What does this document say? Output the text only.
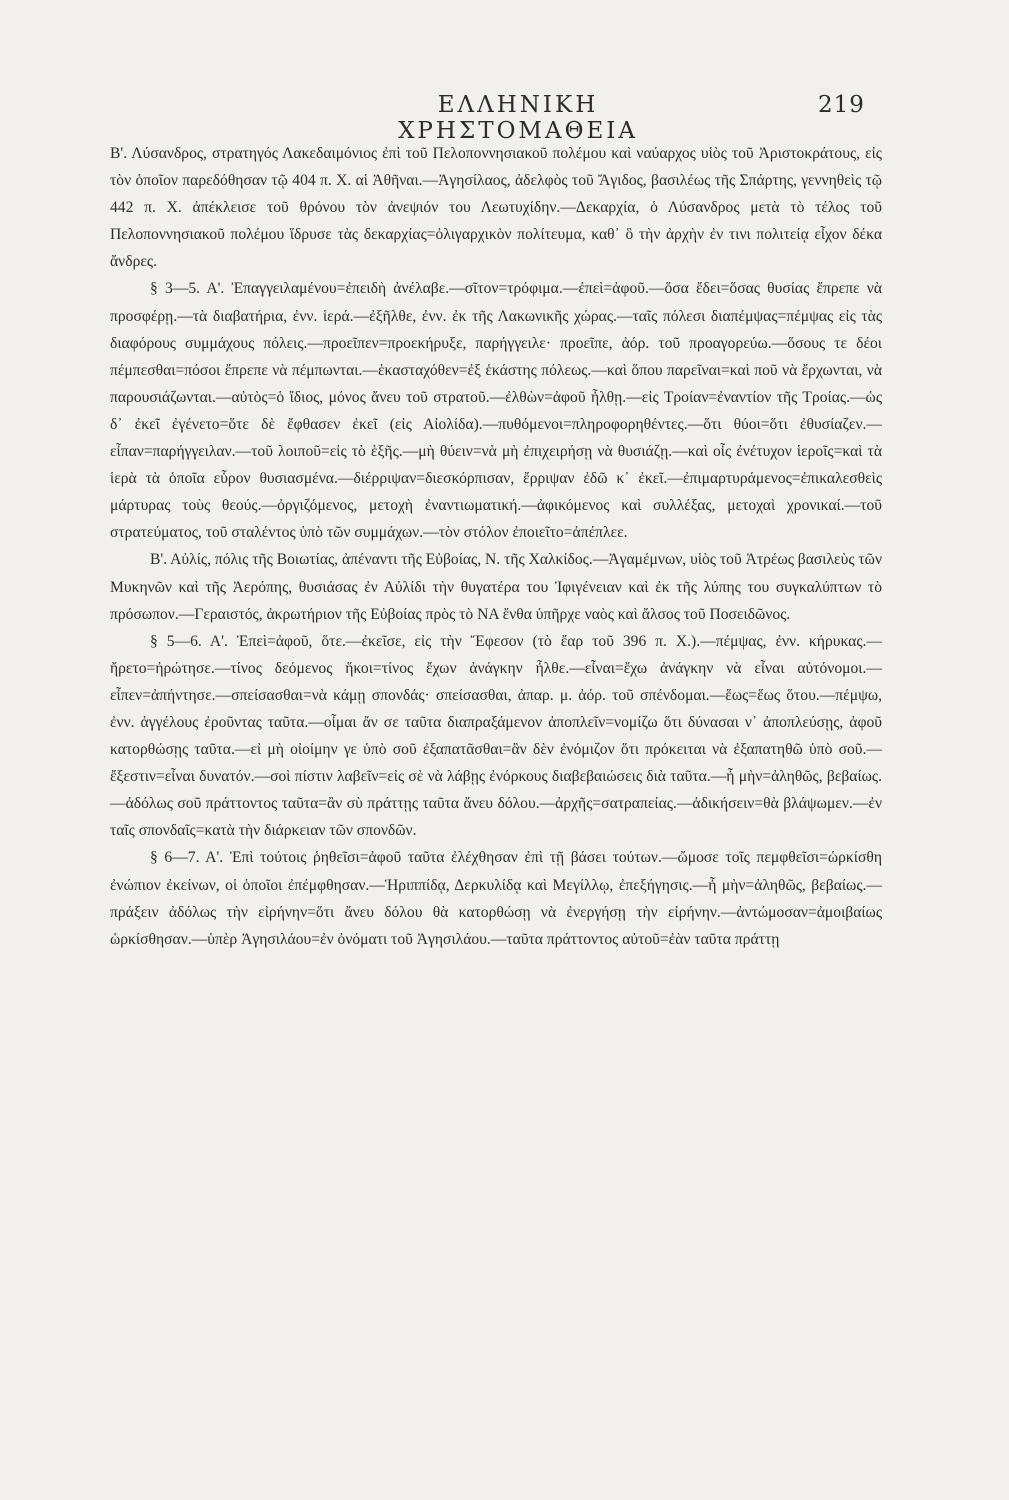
ΕΛΛΗΝΙΚΗ ΧΡΗΣΤΟΜΑΘΕΙΑ
219

Β'. Λύσανδρος, στρατηγός Λακεδαιμόνιος ἐπὶ τοῦ Πελοποννησιακοῦ πολέμου καὶ ναύαρχος υἱὸς τοῦ Ἀριστοκράτους, εἰς τὸν ὁποῖον παρεδόθησαν τῷ 404 π. Χ. αἱ Ἀθῆναι.—Ἀγησίλαος, ἀδελφὸς τοῦ Ἄγιδος, βασιλέως τῆς Σπάρτης, γεννηθεὶς τῷ 442 π. Χ. ἀπέκλεισε τοῦ θρόνου τὸν ἀνεψιόν του Λεωτυχίδην.—Δεκαρχία, ὁ Λύσανδρος μετὰ τὸ τέλος τοῦ Πελοποννησιακοῦ πολέμου ἵδρυσε τὰς δεκαρχίας=ὀλιγαρχικὸν πολίτευμα, καθ᾽ ὃ τὴν ἀρχὴν ἐν τινι πολιτείᾳ εἶχον δέκα ἄνδρες.

§ 3—5. Α'. Ἐπαγγειλαμένου=ἐπειδὴ ἀνέλαβε.—σῖτον=τρόφιμα.—ἐπεὶ=ἀφοῦ.—ὅσα ἔδει=ὅσας θυσίας ἔπρεπε νὰ προσφέρῃ.—τὰ διαβατήρια, ἐνν. ἱερά.—ἐξῆλθε, ἐνν. ἐκ τῆς Λακωνικῆς χώρας.—ταῖς πόλεσι διαπέμψας=πέμψας εἰς τὰς διαφόρους συμμάχους πόλεις.—προεῖπεν=προεκήρυξε, παρήγγειλε· προεῖπε, ἀόρ. τοῦ προαγορεύω.—ὅσους τε δέοι πέμπεσθαι=πόσοι ἔπρεπε νὰ πέμπωνται.—ἑκασταχόθεν=ἐξ ἑκάστης πόλεως.—καὶ ὅπου παρεῖναι=καὶ ποῦ νὰ ἔρχωνται, νὰ παρουσιάζωνται.—αὐτὸς=ὁ ἴδιος, μόνος ἄνευ τοῦ στρατοῦ.—ἐλθὼν=ἀφοῦ ἦλθῃ.—εἰς Τροίαν=ἐναντίον τῆς Τροίας.—ὡς δ᾽ ἐκεῖ ἐγένετο=ὅτε δὲ ἔφθασεν ἐκεῖ (εἰς Αἰολίδα).—πυθόμενοι=πληροφορηθέντες.—ὅτι θύοι=ὅτι ἐθυσίαζεν.—εἶπαν=παρήγγειλαν.—τοῦ λοιποῦ=εἰς τὸ ἑξῆς.—μὴ θύειν=νὰ μὴ ἐπιχειρήσῃ νὰ θυσιάζῃ.—καὶ οἷς ἐνέτυχον ἱεροῖς=καὶ τὰ ἱερὰ τὰ ὁποῖα εὗρον θυσιασμένα.—διέρριψαν=διεσκόρπισαν, ἔρριψαν ἐδῶ κ᾽ ἐκεῖ.—ἐπιμαρτυράμενος=ἐπικαλεσθεὶς μάρτυρας τοὺς θεούς.—ὀργιζόμενος, μετοχὴ ἐναντιωματική.—ἀφικόμενος καὶ συλλέξας, μετοχαὶ χρονικαί.—τοῦ στρατεύματος, τοῦ σταλέντος ὑπὸ τῶν συμμάχων.—τὸν στόλον ἐποιεῖτο=ἀπέπλεε.

Β'. Αὐλίς, πόλις τῆς Βοιωτίας, ἀπέναντι τῆς Εὐβοίας, Ν. τῆς Χαλκίδος.—Ἀγαμέμνων, υἱὸς τοῦ Ἀτρέως βασιλεὺς τῶν Μυκηνῶν καὶ τῆς Ἀερόπης, θυσιάσας ἐν Αὐλίδι τὴν θυγατέρα του Ἰφιγένειαν καὶ ἐκ τῆς λύπης του συγκαλύπτων τὸ πρόσωπον.—Γεραιστός, ἀκρωτήριον τῆς Εὐβοίας πρὸς τὸ ΝΑ ἔνθα ὑπῆρχε ναὸς καὶ ἄλσος τοῦ Ποσειδῶνος.

§ 5—6. Α'. Ἐπεὶ=ἀφοῦ, ὅτε.—ἐκεῖσε, εἰς τὴν Ἔφεσον (τὸ ἔαρ τοῦ 396 π. Χ.).—πέμψας, ἐνν. κήρυκας.—ἤρετο=ἠρώτησε.—τίνος δεόμενος ἥκοι=τίνος ἔχων ἀνάγκην ἦλθε.—εἶναι=ἔχω ἀνάγκην νὰ εἶναι αὐτόνομοι.—εἶπεν=ἀπήντησε.—σπείσασθαι=νὰ κάμῃ σπονδάς· σπείσασθαι, ἀπαρ. μ. ἀόρ. τοῦ σπένδομαι.—ἕως=ἕως ὅτου.—πέμψω, ἐνν. ἀγγέλους ἐροῦντας ταῦτα.—οἶμαι ἄν σε ταῦτα διαπραξάμενον ἀποπλεῖν=νομίζω ὅτι δύνασαι ν᾽ ἀποπλεύσῃς, ἀφοῦ κατορθώσῃς ταῦτα.—εἰ μὴ οἰοίμην γε ὑπὸ σοῦ ἐξαπατᾶσθαι=ἂν δὲν ἐνόμιζον ὅτι πρόκειται νὰ ἐξαπατηθῶ ὑπὸ σοῦ.—ἔξεστιν=εἶναι δυνατόν.—σοὶ πίστιν λαβεῖν=εἰς σὲ νὰ λάβῃς ἐνόρκους διαβεβαιώσεις διὰ ταῦτα.—ἦ μὴν=ἀληθῶς, βεβαίως.—ἀδόλως σοῦ πράττοντος ταῦτα=ἂν σὺ πράττῃς ταῦτα ἄνευ δόλου.—ἀρχῆς=σατραπείας.—ἀδικήσειν=θὰ βλάψωμεν.—ἐν ταῖς σπονδαῖς=κατὰ τὴν διάρκειαν τῶν σπονδῶν.

§ 6—7. Α'. Ἐπὶ τούτοις ῥηθεῖσι=ἀφοῦ ταῦτα ἐλέχθησαν ἐπὶ τῇ βάσει τούτων.—ὤμοσε τοῖς πεμφθεῖσι=ὡρκίσθη ἐνώπιον ἐκείνων, οἱ ὁποῖοι ἐπέμφθησαν.—Ἡριππίδᾳ, Δερκυλίδᾳ καὶ Μεγίλλῳ, ἐπεξήγησις.—ἦ μὴν=ἀληθῶς, βεβαίως.—πράξειν ἀδόλως τὴν εἰρήνην=ὅτι ἄνευ δόλου θὰ κατορθώσῃ νὰ ἐνεργήσῃ τὴν εἰρήνην.—ἀντώμοσαν=ἀμοιβαίως ὡρκίσθησαν.—ὑπὲρ Ἀγησιλάου=ἐν ὀνόματι τοῦ Ἀγησιλάου.—ταῦτα πράττοντος αὐτοῦ=ἐὰν ταῦτα πράττῃ
